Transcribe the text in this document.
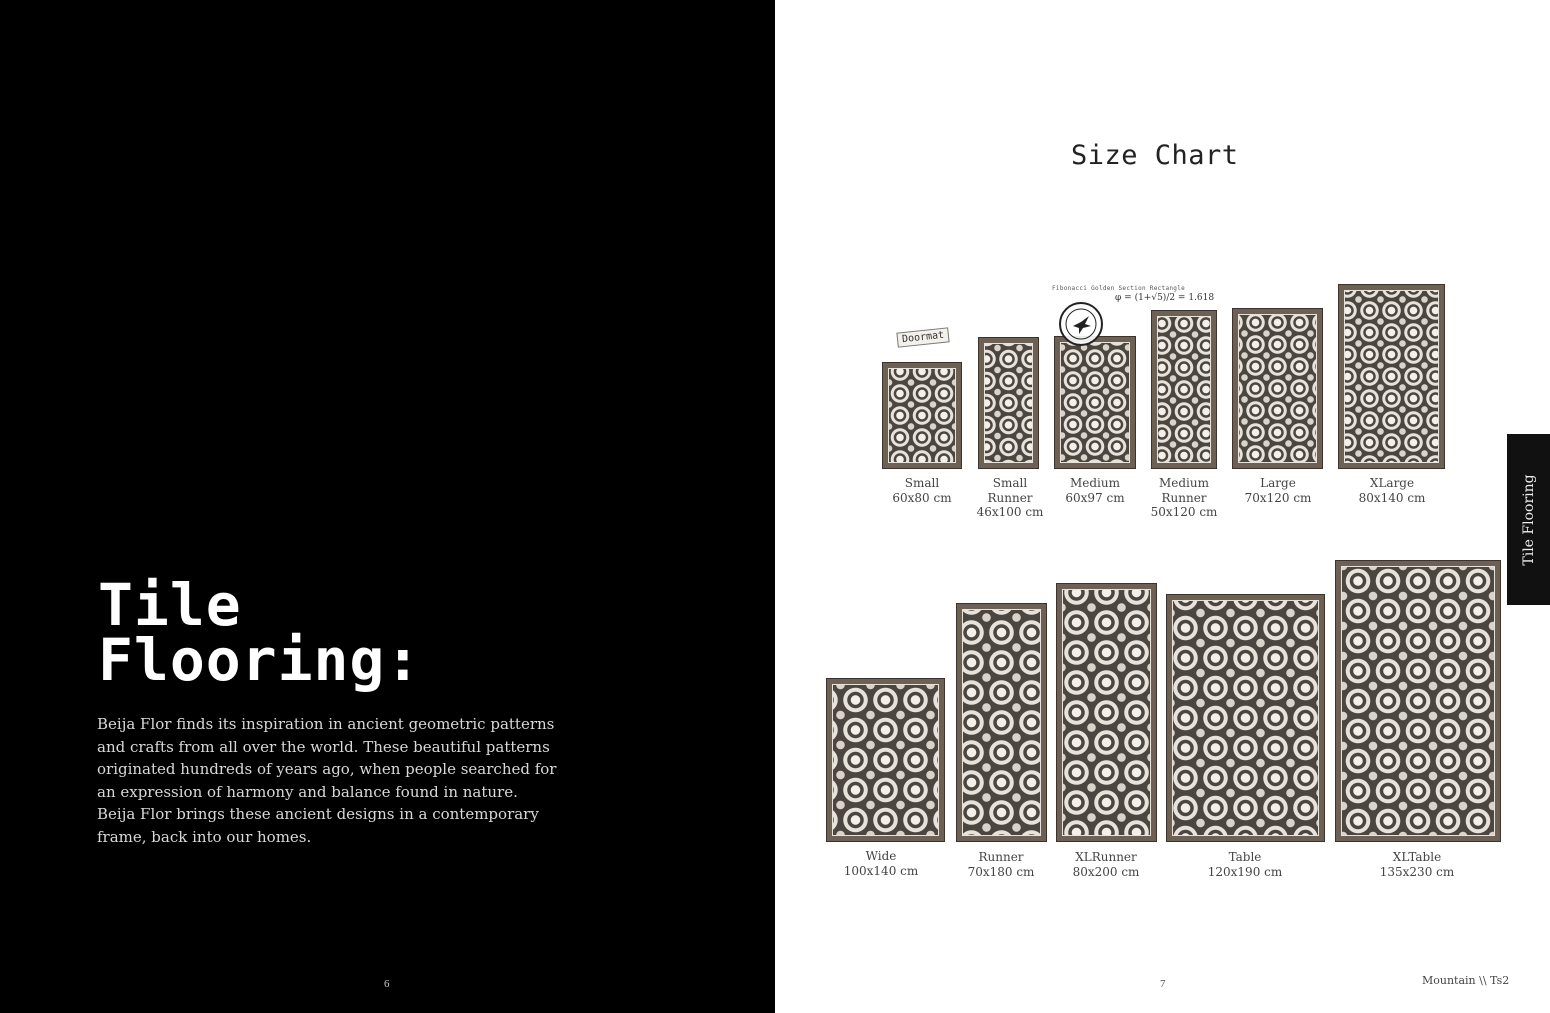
Tile
Flooring:

Beija Flor finds its inspiration in ancient geometric patterns and crafts from all over the world. These beautiful patterns originated hundreds of years ago, when people searched for an expression of harmony and balance found in nature. Beija Flor brings these ancient designs in a contemporary frame, back into our homes.

6
Size Chart
Fibonacci Golden Section Rectangle
φ = (1+√5)/2 = 1.618
Doormat
Small
60x80 cm
Small
Runner
46x100 cm
Medium
60x97 cm
Medium
Runner
50x120 cm
Large
70x120 cm
XLarge
80x140 cm
Wide
100x140 cm
Runner
70x180 cm
XLRunner
80x200 cm
Table
120x190 cm
XLTable
135x230 cm
Tile Flooring
7	Mountain \\ Ts2
